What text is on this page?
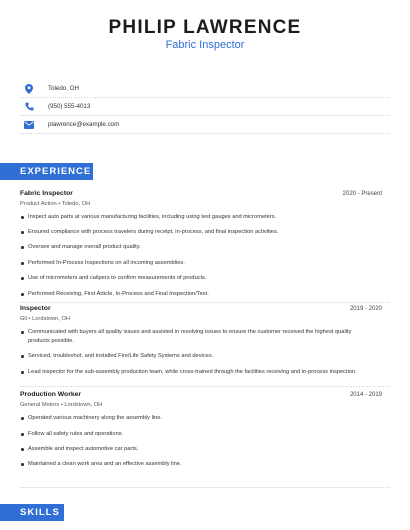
PHILIP LAWRENCE
Fabric Inspector
Toledo, OH
(950) 555-4013
plawrence@example.com
EXPERIENCE
Fabric Inspector	2020 - Present
Product Action • Toledo, OH
Inspect auto parts at various manufacturing facilities, including using test gauges and micrometers.
Ensured compliance with process travelers during receipt, in-process, and final inspection activities.
Oversee and manage overall product quality.
Performed In-Process Inspections on all incoming assemblies.
Use of micrometers and calipers to confirm measurements of products.
Performed Receiving, First Article, In-Process and Final Inspection/Test.
Inspector	2019 - 2020
Gli • Lordstown, OH
Communicated with buyers all quality issues and assisted in resolving issues to ensure the customer received the highest quality products possible.
Serviced, troubleshot, and installed Fire/Life Safety Systems and devices.
Lead inspector for the sub-assembly production team, while cross-trained through the facilities receiving and in-process inspection.
Production Worker	2014 - 2019
General Motors • Lordstown, OH
Operated various machinery along the assembly line.
Follow all safety rules and operations.
Assemble and inspect automotive car parts.
Maintained a clean work area and an effective assembly line.
SKILLS
